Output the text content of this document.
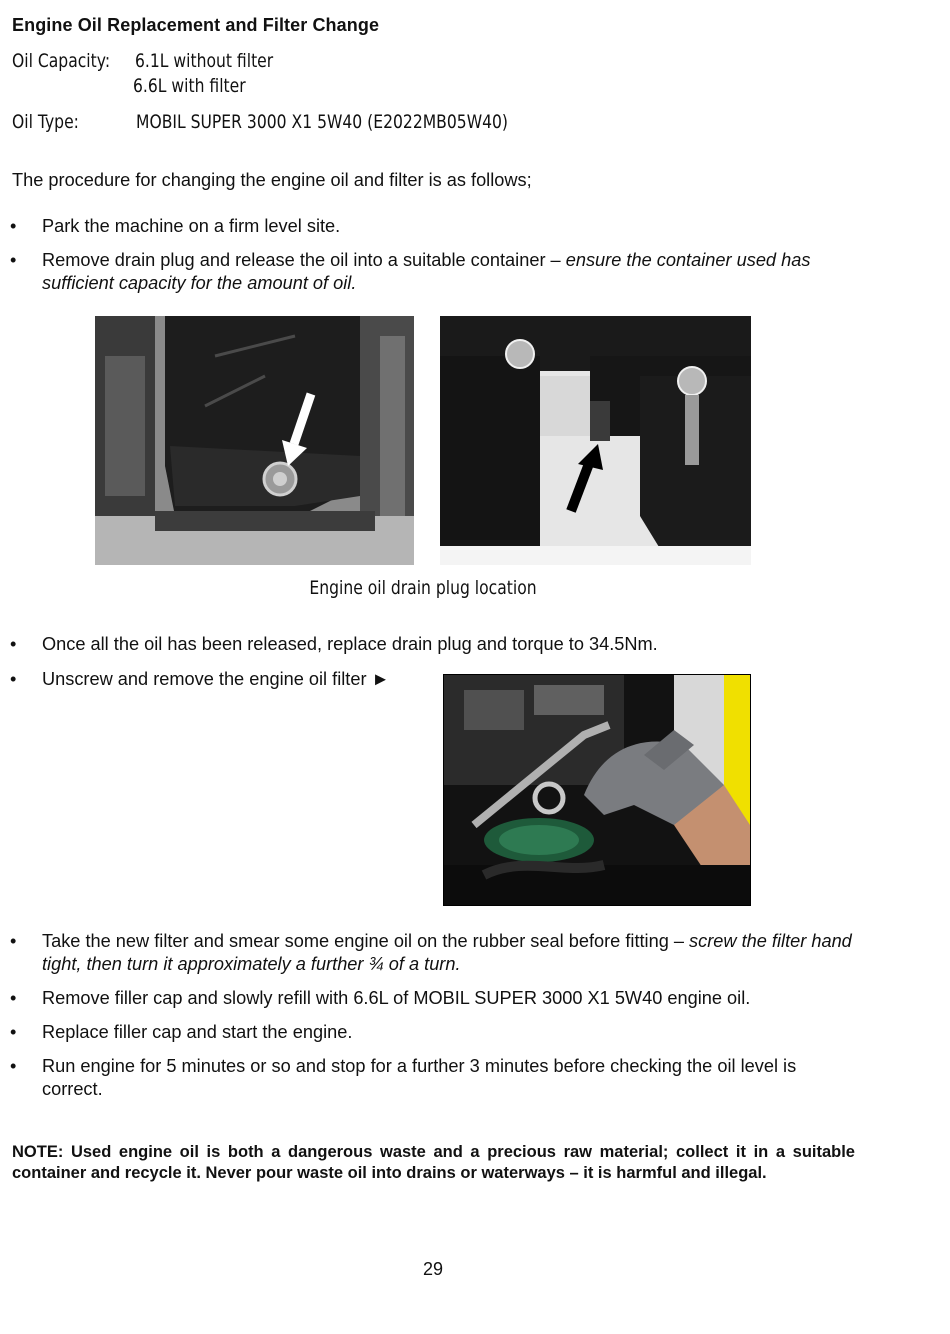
Engine Oil Replacement and Filter Change
Oil Capacity: 6.1L without filter
6.6L with filter
Oil Type:	MOBIL SUPER 3000 X1 5W40 (E2022MB05W40)
The procedure for changing the engine oil and filter is as follows;
•	Park the machine on a firm level site.
•	Remove drain plug and release the oil into a suitable container – ensure the container used has sufficient capacity for the amount of oil.
Engine oil drain plug location
•	Once all the oil has been released, replace drain plug and torque to 34.5Nm.
•	Unscrew and remove the engine oil filter ►
•	Take the new filter and smear some engine oil on the rubber seal before fitting – screw the filter hand tight, then turn it approximately a further ¾ of a turn.
•	Remove filler cap and slowly refill with 6.6L of MOBIL SUPER 3000 X1 5W40 engine oil.
•	Replace filler cap and start the engine.
•	Run engine for 5 minutes or so and stop for a further 3 minutes before checking the oil level is correct.
NOTE: Used engine oil is both a dangerous waste and a precious raw material; collect it in a suitable container and recycle it. Never pour waste oil into drains or waterways – it is harmful and illegal.
29
